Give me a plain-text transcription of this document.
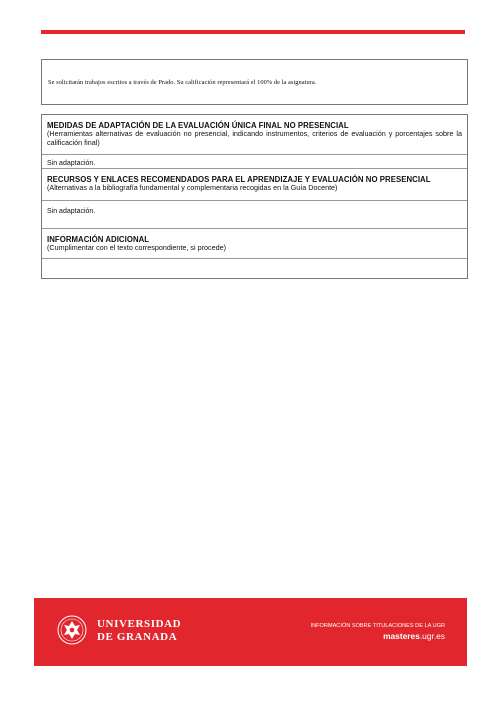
Se solicitarán trabajos escritos a través de Prado. Su calificación representará el 100% de la asignatura.
MEDIDAS DE ADAPTACIÓN DE LA EVALUACIÓN ÚNICA FINAL NO PRESENCIAL
(Herramientas alternativas de evaluación no presencial, indicando instrumentos, criterios de evaluación y porcentajes sobre la calificación final)
Sin adaptación.
RECURSOS Y ENLACES RECOMENDADOS PARA EL APRENDIZAJE Y EVALUACIÓN NO PRESENCIAL
(Alternativas a la bibliografía fundamental y complementaria recogidas en la Guía Docente)
Sin adaptación.
INFORMACIÓN ADICIONAL
(Cumplimentar con el texto correspondiente, si procede)
UNIVERSIDAD
DE GRANADA
INFORMACIÓN SOBRE TITULACIONES DE LA UGR
masteres.ugr.es
